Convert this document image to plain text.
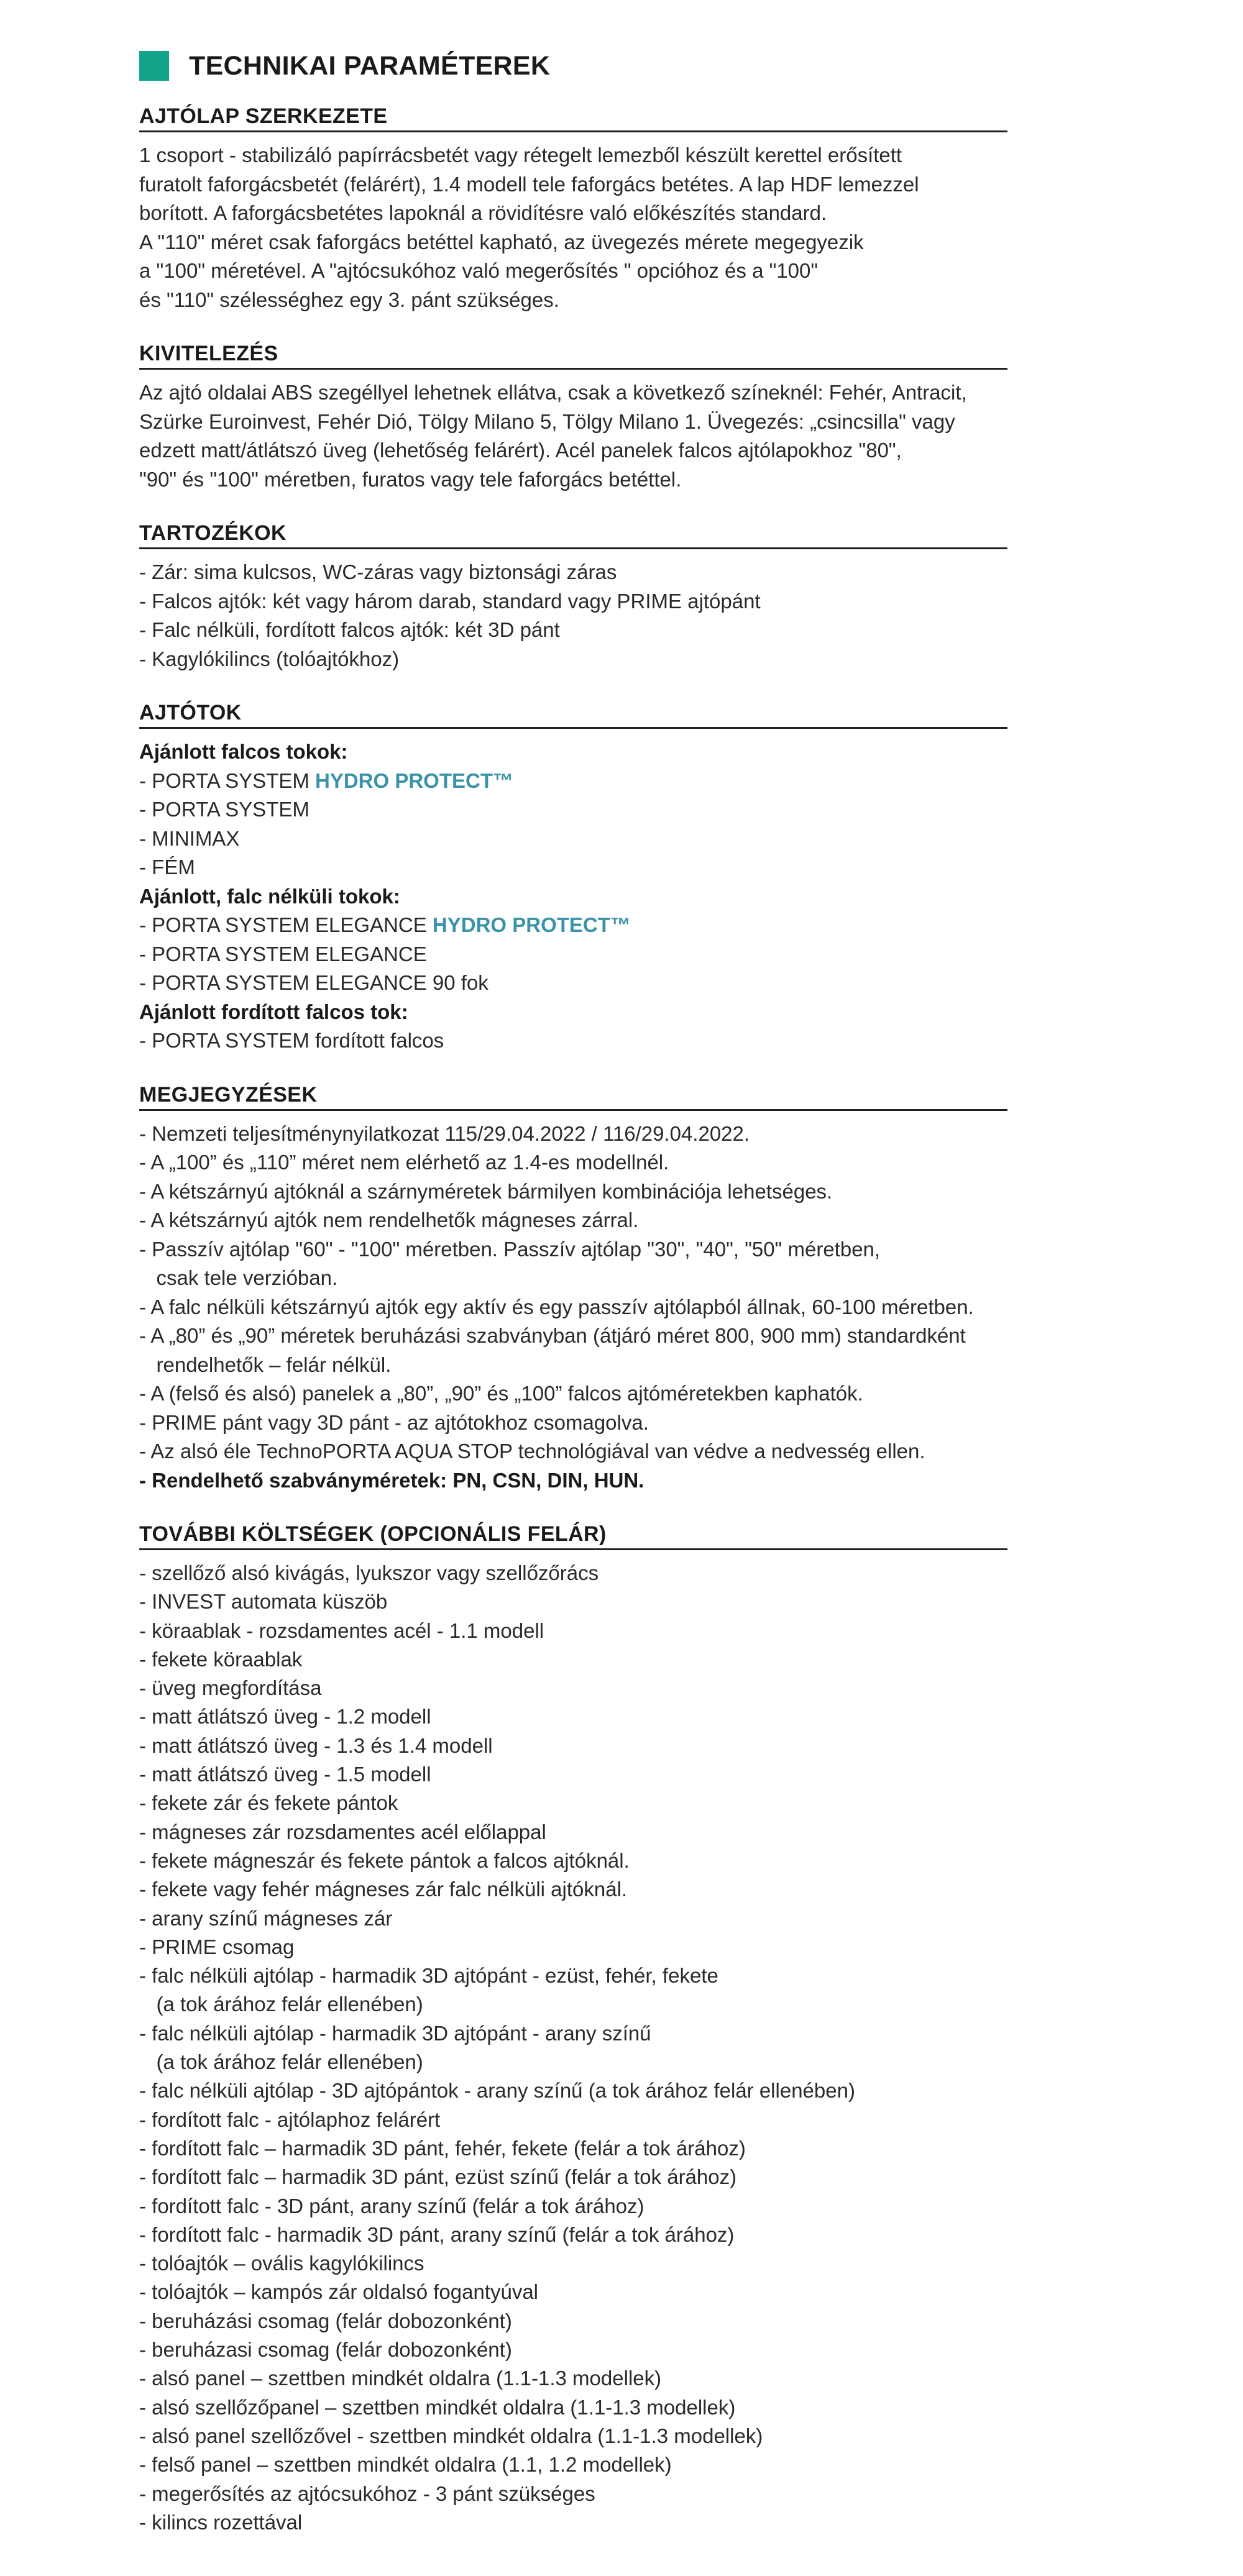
TECHNIKAI PARAMÉTEREK
AJTÓLAP SZERKEZETE
1 csoport - stabilizáló papírrácsbetét vagy rétegelt lemezből készült kerettel erősített
furatolt faforgácsbetét (felárért), 1.4 modell tele faforgács betétes. A lap HDF lemezzel
borított. A faforgácsbetétes lapoknál a rövidítésre való előkészítés standard.
A "110" méret csak faforgács betéttel kapható, az üvegezés mérete megegyezik
a "100" méretével. A "ajtócsukóhoz való megerősítés " opcióhoz és a "100"
és "110" szélességhez egy 3. pánt szükséges.
KIVITELEZÉS
Az ajtó oldalai ABS szegéllyel lehetnek ellátva, csak a következő színeknél: Fehér, Antracit,
Szürke Euroinvest, Fehér Dió, Tölgy Milano 5, Tölgy Milano 1. Üvegezés: „csincsilla" vagy
edzett matt/átlátszó üveg (lehetőség felárért). Acél panelek falcos ajtólapokhoz "80",
"90" és "100" méretben, furatos vagy tele faforgács betéttel.
TARTOZÉKOK
- Zár: sima kulcsos, WC-záras vagy biztonsági záras
- Falcos ajtók: két vagy három darab, standard vagy PRIME ajtópánt
- Falc nélküli, fordított falcos ajtók: két 3D pánt
- Kagylókilincs (tolóajtókhoz)
AJTÓTOK
Ajánlott falcos tokok:
- PORTA SYSTEM HYDRO PROTECT™
- PORTA SYSTEM
- MINIMAX
- FÉM
Ajánlott, falc nélküli tokok:
- PORTA SYSTEM ELEGANCE HYDRO PROTECT™
- PORTA SYSTEM ELEGANCE
- PORTA SYSTEM ELEGANCE 90 fok
Ajánlott fordított falcos tok:
- PORTA SYSTEM fordított falcos
MEGJEGYZÉSEK
- Nemzeti teljesítménynyilatkozat 115/29.04.2022 / 116/29.04.2022.
- A „100” és „110” méret nem elérhető az 1.4-es modellnél.
- A kétszárnyú ajtóknál a szárnyméretek bármilyen kombinációja lehetséges.
- A kétszárnyú ajtók nem rendelhetők mágneses zárral.
- Passzív ajtólap "60" - "100" méretben. Passzív ajtólap "30", "40", "50" méretben,
csak tele verzióban.
- A falc nélküli kétszárnyú ajtók egy aktív és egy passzív ajtólapból állnak, 60-100 méretben.
- A „80” és „90” méretek beruházási szabványban (átjáró méret 800, 900 mm) standardként
rendelhetők – felár nélkül.
- A (felső és alsó) panelek a „80”, „90” és „100” falcos ajtóméretekben kaphatók.
- PRIME pánt vagy 3D pánt - az ajtótokhoz csomagolva.
- Az alsó éle TechnoPORTA AQUA STOP technológiával van védve a nedvesség ellen.
- Rendelhető szabványméretek: PN, CSN, DIN, HUN.
TOVÁBBI KÖLTSÉGEK (OPCIONÁLIS FELÁR)
- szellőző alsó kivágás, lyukszor vagy szellőzőrács
- INVEST automata küszöb
- köraablak - rozsdamentes acél - 1.1 modell
- fekete köraablak
- üveg megfordítása
- matt átlátszó üveg - 1.2 modell
- matt átlátszó üveg - 1.3 és 1.4 modell
- matt átlátszó üveg - 1.5 modell
- fekete zár és fekete pántok
- mágneses zár rozsdamentes acél előlappal
- fekete mágneszár és fekete pántok a falcos ajtóknál.
- fekete vagy fehér mágneses zár falc nélküli ajtóknál.
- arany színű mágneses zár
- PRIME csomag
- falc nélküli ajtólap - harmadik 3D ajtópánt - ezüst, fehér, fekete
(a tok árához felár ellenében)
- falc nélküli ajtólap - harmadik 3D ajtópánt - arany színű
(a tok árához felár ellenében)
- falc nélküli ajtólap - 3D ajtópántok - arany színű (a tok árához felár ellenében)
- fordított falc - ajtólaphoz felárért
- fordított falc – harmadik 3D pánt, fehér, fekete (felár a tok árához)
- fordított falc – harmadik 3D pánt, ezüst színű (felár a tok árához)
- fordított falc - 3D pánt, arany színű (felár a tok árához)
- fordított falc - harmadik 3D pánt, arany színű (felár a tok árához)
- tolóajtók – ovális kagylókilincs
- tolóajtók – kampós zár oldalsó fogantyúval
- beruházási csomag (felár dobozonként)
- beruházasi csomag (felár dobozonként)
- alsó panel – szettben mindkét oldalra (1.1-1.3 modellek)
- alsó szellőzőpanel – szettben mindkét oldalra (1.1-1.3 modellek)
- alsó panel szellőzővel - szettben mindkét oldalra (1.1-1.3 modellek)
- felső panel – szettben mindkét oldalra (1.1, 1.2 modellek)
- megerősítés az ajtócsukóhoz - 3 pánt szükséges
- kilincs rozettával
